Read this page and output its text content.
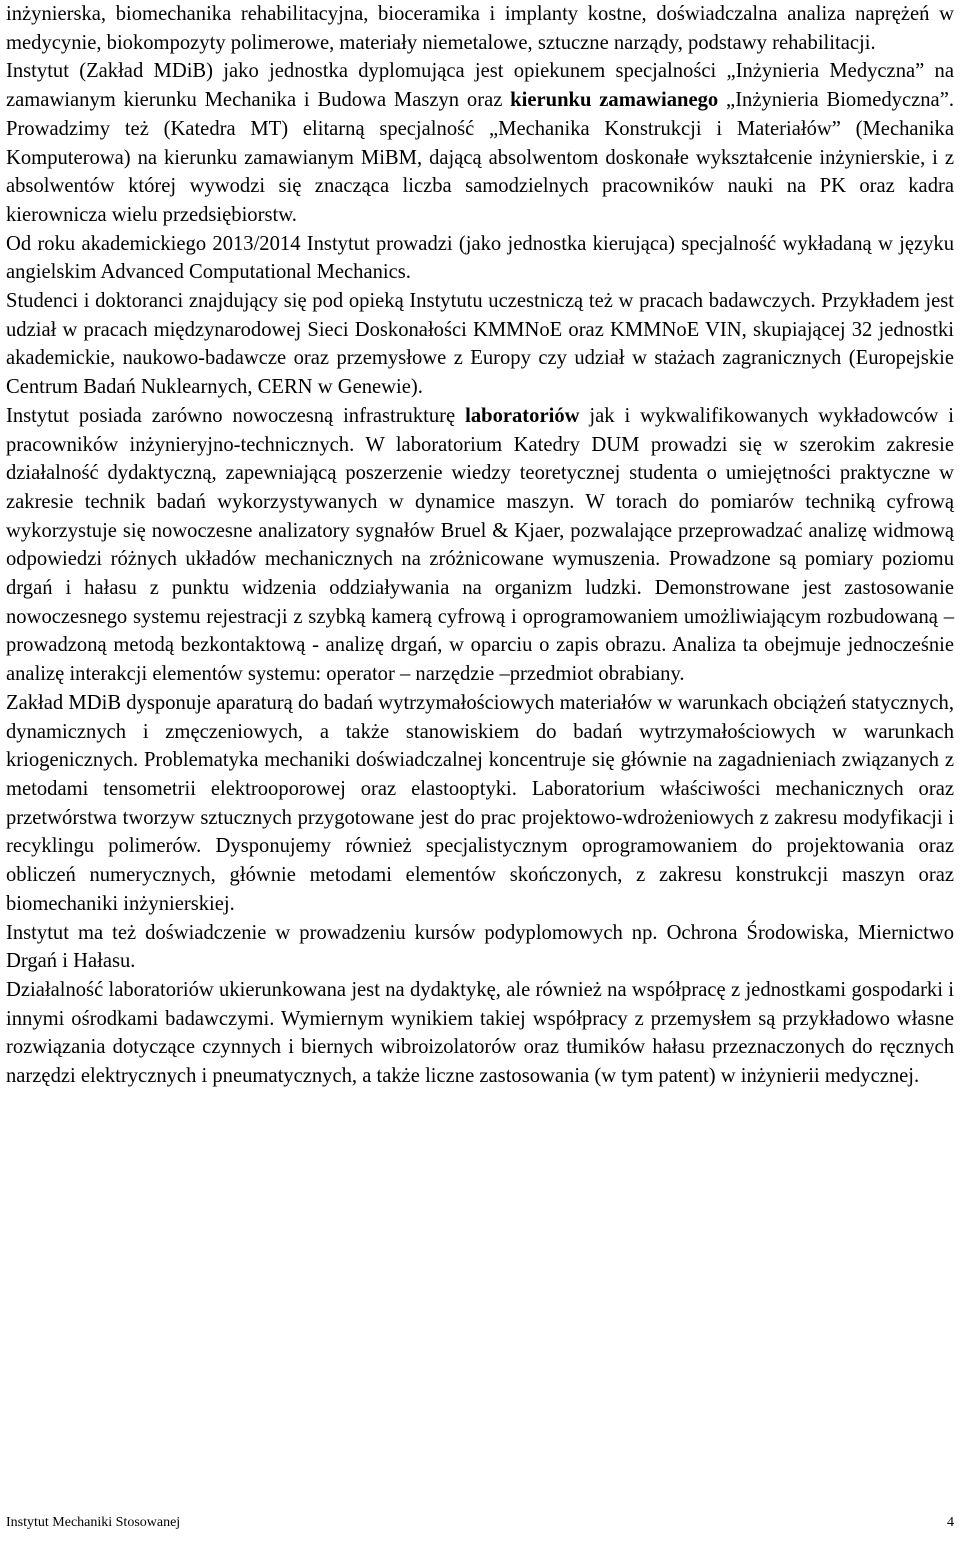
inżynierska, biomechanika rehabilitacyjna, bioceramika i implanty kostne, doświadczalna analiza naprężeń w medycynie, biokompozyty polimerowe, materiały niemetalowe, sztuczne narządy, podstawy rehabilitacji.

Instytut (Zakład MDiB) jako jednostka dyplomująca jest opiekunem specjalności „Inżynieria Medyczna” na zamawianym kierunku Mechanika i Budowa Maszyn oraz kierunku zamawianego „Inżynieria Biomedyczna”. Prowadzimy też (Katedra MT) elitarną specjalność „Mechanika Konstrukcji i Materiałów” (Mechanika Komputerowa) na kierunku zamawianym MiBM, dającą absolwentom doskonałe wykształcenie inżynierskie, i z absolwentów której wywodzi się znacząca liczba samodzielnych pracowników nauki na PK oraz kadra kierownicza wielu przedsiębiorstw.

Od roku akademickiego 2013/2014 Instytut prowadzi (jako jednostka kierująca) specjalność wykładaną w języku angielskim Advanced Computational Mechanics.

Studenci i doktoranci znajdujący się pod opieką Instytutu uczestniczą też w pracach badawczych. Przykładem jest udział w pracach międzynarodowej Sieci Doskonałości KMMNoE oraz KMMNoE VIN, skupiającej 32 jednostki akademickie, naukowo-badawcze oraz przemysłowe z Europy czy udział w stażach zagranicznych (Europejskie Centrum Badań Nuklearnych, CERN w Genewie).

Instytut posiada zarówno nowoczesną infrastrukturę laboratoriów jak i wykwalifikowanych wykładowców i pracowników inżynieryjno-technicznych. W laboratorium Katedry DUM prowadzi się w szerokim zakresie działalność dydaktyczną, zapewniającą poszerzenie wiedzy teoretycznej studenta o umiejętności praktyczne w zakresie technik badań wykorzystywanych w dynamice maszyn. W torach do pomiarów techniką cyfrową wykorzystuje się nowoczesne analizatory sygnałów Bruel & Kjaer, pozwalające przeprowadzać analizę widmową odpowiedzi różnych układów mechanicznych na zróżnicowane wymuszenia. Prowadzone są pomiary poziomu drgań i hałasu z punktu widzenia oddziaływania na organizm ludzki. Demonstrowane jest zastosowanie nowoczesnego systemu rejestracji z szybką kamerą cyfrową i oprogramowaniem umożliwiającym rozbudowaną – prowadzoną metodą bezkontaktową - analizę drgań, w oparciu o zapis obrazu. Analiza ta obejmuje jednocześnie analizę interakcji elementów systemu: operator – narzędzie –przedmiot obrabiany.

Zakład MDiB dysponuje aparaturą do badań wytrzymałościowych materiałów w warunkach obciążeń statycznych, dynamicznych i zmęczeniowych, a także stanowiskiem do badań wytrzymałościowych w warunkach kriogenicznych. Problematyka mechaniki doświadczalnej koncentruje się głównie na zagadnieniach związanych z metodami tensometrii elektrooporowej oraz elastooptyki. Laboratorium właściwości mechanicznych oraz przetwórstwa tworzyw sztucznych przygotowane jest do prac projektowo-wdrożeniowych z zakresu modyfikacji i recyklingu polimerów. Dysponujemy również specjalistycznym oprogramowaniem do projektowania oraz obliczeń numerycznych, głównie metodami elementów skończonych, z zakresu konstrukcji maszyn oraz biomechaniki inżynierskiej.

Instytut ma też doświadczenie w prowadzeniu kursów podyplomowych np. Ochrona Środowiska, Miernictwo Drgań i Hałasu.

Działalność laboratoriów ukierunkowana jest na dydaktykę, ale również na współpracę z jednostkami gospodarki i innymi ośrodkami badawczymi. Wymiernym wynikiem takiej współpracy z przemysłem są przykładowo własne rozwiązania dotyczące czynnych i biernych wibroizolatorów oraz tłumików hałasu przeznaczonych do ręcznych narzędzi elektrycznych i pneumatycznych, a także liczne zastosowania (w tym patent) w inżynierii medycznej.

Instytut Mechaniki Stosowanej	4
